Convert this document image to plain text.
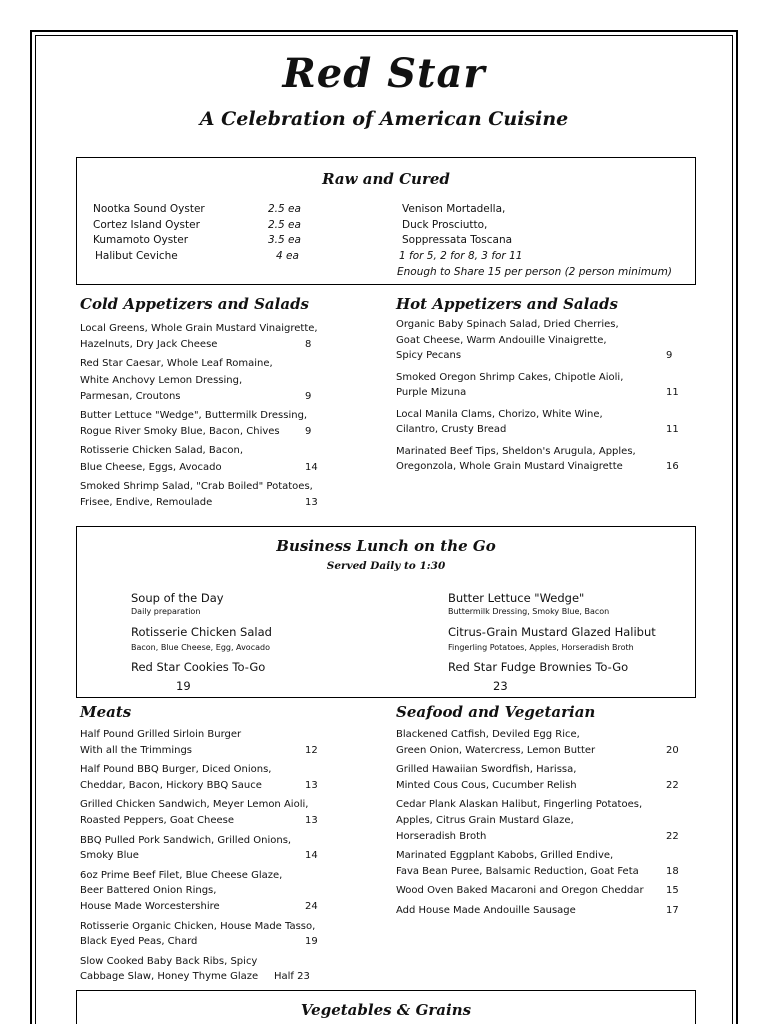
Red Star
A Celebration of American Cuisine
Raw and Cured
Nootka Sound Oyster	2.5 ea
Cortez Island Oyster	2.5 ea
Kumamoto Oyster	3.5 ea
Halibut Ceviche	4 ea
Venison Mortadella,
Duck Prosciutto,
Soppressata Toscana
1 for 5, 2 for 8, 3 for 11
Enough to Share 15 per person (2 person minimum)
Cold Appetizers and Salads
Local Greens, Whole Grain Mustard Vinaigrette,
Hazelnuts, Dry Jack Cheese	8
Red Star Caesar, Whole Leaf Romaine,
White Anchovy Lemon Dressing,
Parmesan, Croutons	9
Butter Lettuce "Wedge", Buttermilk Dressing,
Rogue River Smoky Blue, Bacon, Chives	9
Rotisserie Chicken Salad, Bacon,
Blue Cheese, Eggs, Avocado	14
Smoked Shrimp Salad, "Crab Boiled" Potatoes,
Frisee, Endive, Remoulade	13
Hot Appetizers and Salads
Organic Baby Spinach Salad, Dried Cherries,
Goat Cheese, Warm Andouille Vinaigrette,
Spicy Pecans	9
Smoked Oregon Shrimp Cakes, Chipotle Aioli,
Purple Mizuna	11
Local Manila Clams, Chorizo, White Wine,
Cilantro, Crusty Bread	11
Marinated Beef Tips, Sheldon's Arugula, Apples,
Oregonzola, Whole Grain Mustard Vinaigrette	16
Business Lunch on the Go
Served Daily to 1:30
Soup of the Day
Daily preparation
Rotisserie Chicken Salad
Bacon, Blue Cheese, Egg, Avocado
Red Star Cookies To-Go
19
Butter Lettuce "Wedge"
Buttermilk Dressing, Smoky Blue, Bacon
Citrus-Grain Mustard Glazed Halibut
Fingerling Potatoes, Apples, Horseradish Broth
Red Star Fudge Brownies To-Go
23
Meats
Half Pound Grilled Sirloin Burger
With all the Trimmings	12
Half Pound BBQ Burger, Diced Onions,
Cheddar, Bacon, Hickory BBQ Sauce	13
Grilled Chicken Sandwich, Meyer Lemon Aioli,
Roasted Peppers, Goat Cheese	13
BBQ Pulled Pork Sandwich, Grilled Onions,
Smoky Blue	14
6oz Prime Beef Filet, Blue Cheese Glaze,
Beer Battered Onion Rings,
House Made Worcestershire	24
Rotisserie Organic Chicken, House Made Tasso,
Black Eyed Peas, Chard	19
Slow Cooked Baby Back Ribs, Spicy
Cabbage Slaw, Honey Thyme Glaze Half 23
Seafood and Vegetarian
Blackened Catfish, Deviled Egg Rice,
Green Onion, Watercress, Lemon Butter	20
Grilled Hawaiian Swordfish, Harissa,
Minted Cous Cous, Cucumber Relish	22
Cedar Plank Alaskan Halibut, Fingerling Potatoes,
Apples, Citrus Grain Mustard Glaze,
Horseradish Broth	22
Marinated Eggplant Kabobs, Grilled Endive,
Fava Bean Puree, Balsamic Reduction, Goat Feta	18
Wood Oven Baked Macaroni and Oregon Cheddar 15
Add House Made Andouille Sausage	17
Vegetables & Grains
